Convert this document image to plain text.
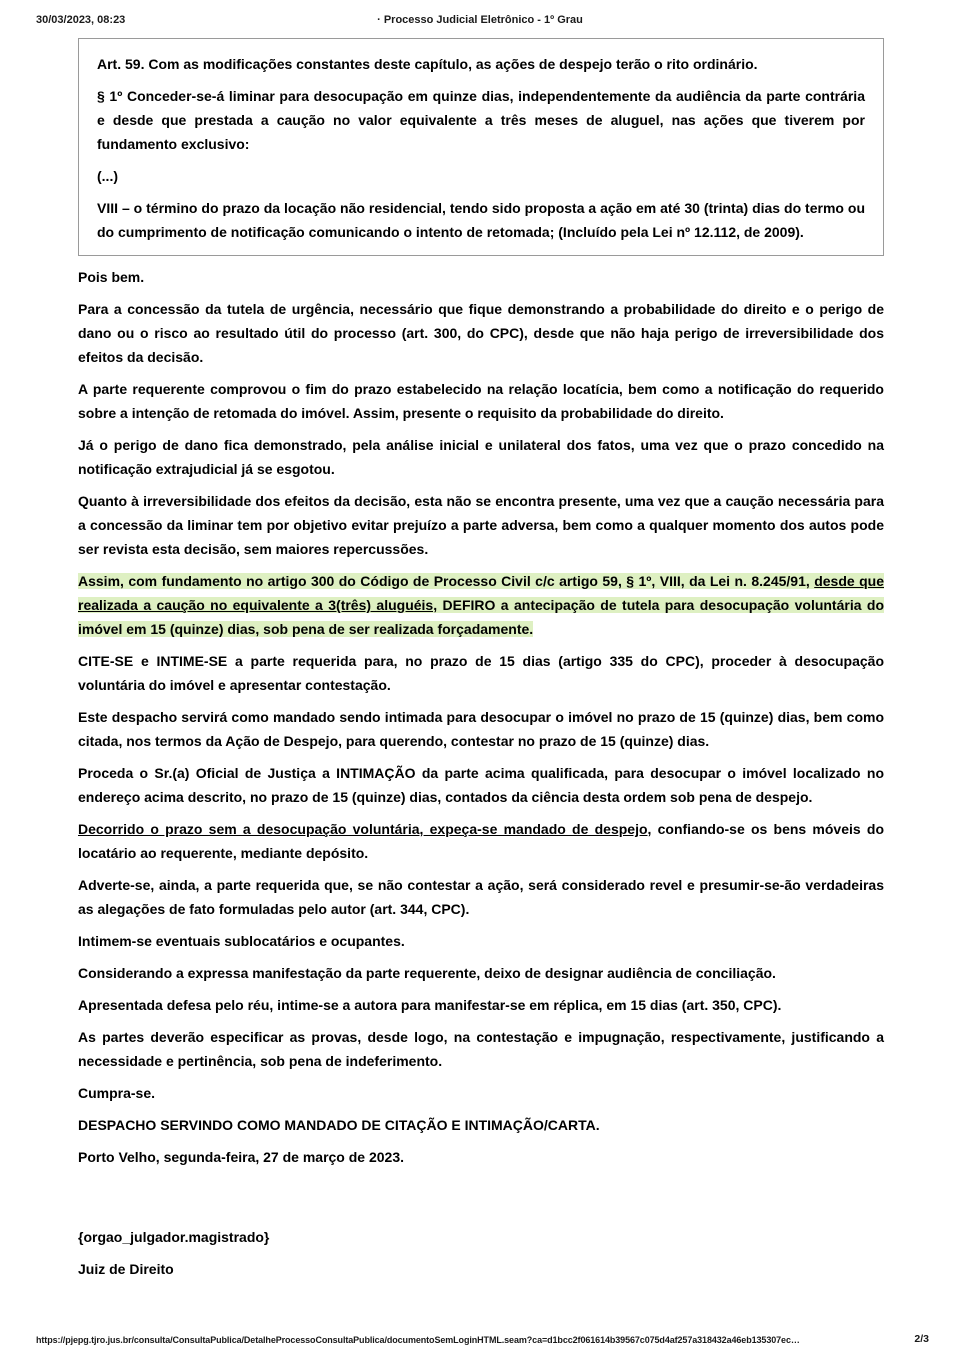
30/03/2023, 08:23	· Processo Judicial Eletrônico - 1º Grau

Art. 59. Com as modificações constantes deste capítulo, as ações de despejo terão o rito ordinário.

§ 1º Conceder-se-á liminar para desocupação em quinze dias, independentemente da audiência da parte contrária e desde que prestada a caução no valor equivalente a três meses de aluguel, nas ações que tiverem por fundamento exclusivo:

(...)

VIII – o término do prazo da locação não residencial, tendo sido proposta a ação em até 30 (trinta) dias do termo ou do cumprimento de notificação comunicando o intento de retomada; (Incluído pela Lei nº 12.112, de 2009).

Pois bem.

Para a concessão da tutela de urgência, necessário que fique demonstrando a probabilidade do direito e o perigo de dano ou o risco ao resultado útil do processo (art. 300, do CPC), desde que não haja perigo de irreversibilidade dos efeitos da decisão.

A parte requerente comprovou o fim do prazo estabelecido na relação locatícia, bem como a notificação do requerido sobre a intenção de retomada do imóvel. Assim, presente o requisito da probabilidade do direito.

Já o perigo de dano fica demonstrado, pela análise inicial e unilateral dos fatos, uma vez que o prazo concedido na notificação extrajudicial já se esgotou.

Quanto à irreversibilidade dos efeitos da decisão, esta não se encontra presente, uma vez que a caução necessária para a concessão da liminar tem por objetivo evitar prejuízo a parte adversa, bem como a qualquer momento dos autos pode ser revista esta decisão, sem maiores repercussões.

Assim, com fundamento no artigo 300 do Código de Processo Civil c/c artigo 59, § 1º, VIII, da Lei n. 8.245/91, desde que realizada a caução no equivalente a 3(três) aluguéis, DEFIRO a antecipação de tutela para desocupação voluntária do imóvel em 15 (quinze) dias, sob pena de ser realizada forçadamente.

CITE-SE e INTIME-SE a parte requerida para, no prazo de 15 dias (artigo 335 do CPC), proceder à desocupação voluntária do imóvel e apresentar contestação.

Este despacho servirá como mandado sendo intimada para desocupar o imóvel no prazo de 15 (quinze) dias, bem como citada, nos termos da Ação de Despejo, para querendo, contestar no prazo de 15 (quinze) dias.

Proceda o Sr.(a) Oficial de Justiça a INTIMAÇÃO da parte acima qualificada, para desocupar o imóvel localizado no endereço acima descrito, no prazo de 15 (quinze) dias, contados da ciência desta ordem sob pena de despejo.

Decorrido o prazo sem a desocupação voluntária, expeça-se mandado de despejo, confiando-se os bens móveis do locatário ao requerente, mediante depósito.

Adverte-se, ainda, a parte requerida que, se não contestar a ação, será considerado revel e presumir-se-ão verdadeiras as alegações de fato formuladas pelo autor (art. 344, CPC).

Intimem-se eventuais sublocatários e ocupantes.

Considerando a expressa manifestação da parte requerente, deixo de designar audiência de conciliação.

Apresentada defesa pelo réu, intime-se a autora para manifestar-se em réplica, em 15 dias (art. 350, CPC).

As partes deverão especificar as provas, desde logo, na contestação e impugnação, respectivamente, justificando a necessidade e pertinência, sob pena de indeferimento.

Cumpra-se.

DESPACHO SERVINDO COMO MANDADO DE CITAÇÃO E INTIMAÇÃO/CARTA.

Porto Velho, segunda-feira, 27 de março de 2023.

{orgao_julgador.magistrado}

Juiz de Direito

https://pjepg.tjro.jus.br/consulta/ConsultaPublica/DetalheProcessoConsultaPublica/documentoSemLoginHTML.seam?ca=d1bcc2f061614b39567c075d4af257a318432a46eb135307ec…	2/3
